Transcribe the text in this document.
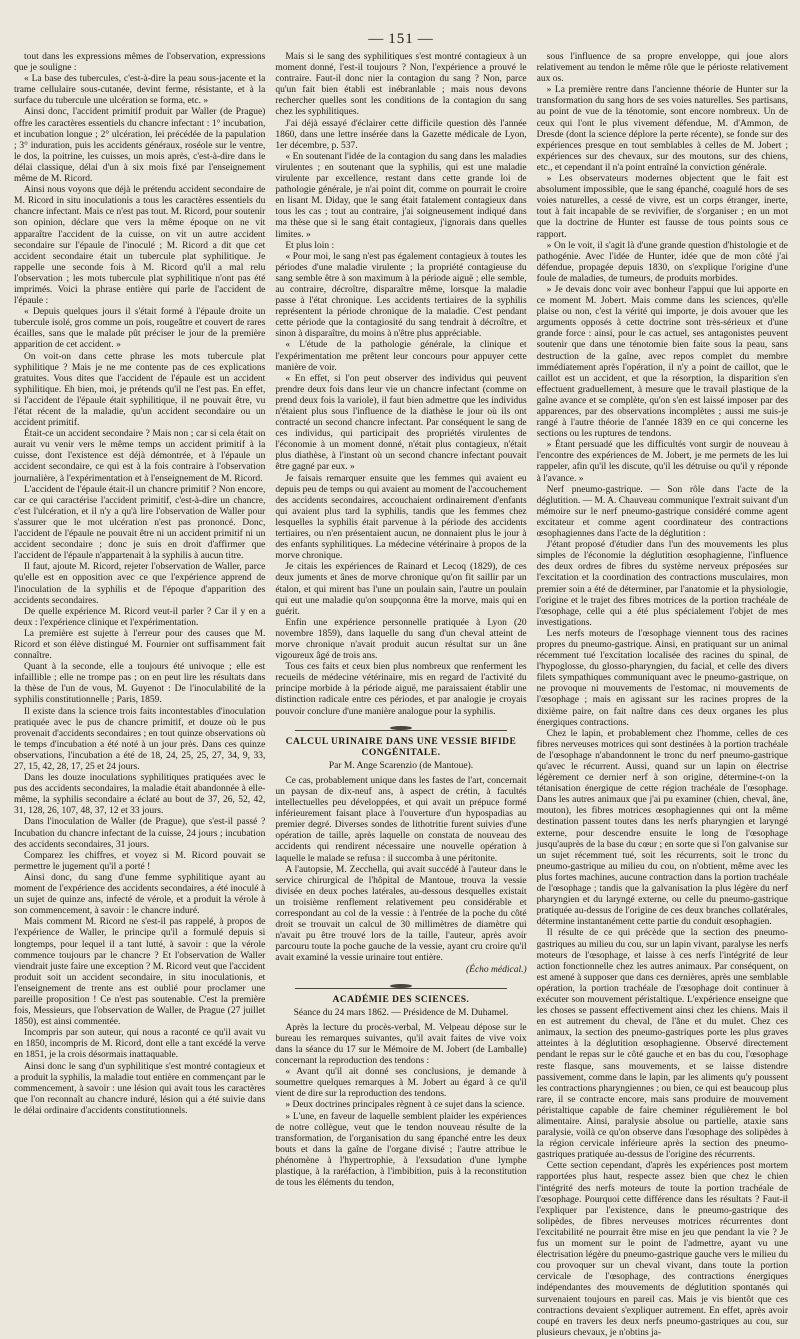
— 151 —

tout dans les expressions mêmes de l'observation, expressions que je souligne :

« La base des tubercules, c'est-à-dire la peau sous-jacente et la trame cellulaire sous-cutanée, devint ferme, résistante, et à la surface du tubercule une ulcération se forma, etc. »

Ainsi donc, l'accident primitif produit par Waller (de Prague) offre les caractères essentiels du chancre infectant : 1° incubation, et incubation longue ; 2° ulcération, lei précédée de la papulation ; 3° induration, puis les accidents généraux, roséole sur le ventre, le dos, la poitrine, les cuisses, un mois après, c'est-à-dire dans le délai classique, délai d'un à six mois fixé par l'enseignement même de M. Ricord.

Ainsi nous voyons que déjà le prétendu accident secondaire de M. Ricord in situ inoculationis a tous les caractères essentiels du chancre infectant. Mais ce n'est pas tout. M. Ricord, pour soutenir son opinion, déclare que vers la même époque on ne vit apparaître l'accident de la cuisse, on vit un autre accident secondaire sur l'épaule de l'inoculé ; M. Ricord a dit que cet accident secondaire était un tubercule plat syphilitique. Je rappelle une seconde fois à M. Ricord qu'il a mal relu l'observation ; les mots tubercule plat syphilitique n'ont pas été imprimés. Voici la phrase entière qui parle de l'accident de l'épaule :

« Depuis quelques jours il s'était formé à l'épaule droite un tubercule isolé, gros comme un pois, rougeâtre et couvert de rares écailles, sans que le malade pût préciser le jour de la première apparition de cet accident. »

On voit-on dans cette phrase les mots tubercule plat syphilitique ? Mais je ne me contente pas de ces explications gratuites. Vous dites que l'accident de l'épaule est un accident syphilitique. Eh bien, moi, je prétends qu'il ne l'est pas. En effet, si l'accident de l'épaule était syphilitique, il ne pouvait être, vu l'état récent de la maladie, qu'un accident secondaire ou un accident primitif.

Était-ce un accident secondaire ? Mais non ; car si cela était on aurait vu venir vers le même temps un accident primitif à la cuisse, dont l'existence est déjà démontrée, et à l'épaule un accident secondaire, ce qui est à la fois contraire à l'observation journalière, à l'expérimentation et à l'enseignement de M. Ricord.

L'accident de l'épaule était-il un chancre primitif ? Non encore, car ce qui caractérise l'accident primitif, c'est-à-dire un chancre, c'est l'ulcération, et il n'y a qu'à lire l'observation de Waller pour s'assurer que le mot ulcération n'est pas prononcé. Donc, l'accident de l'épaule ne pouvait être ni un accident primitif ni un accident secondaire ; donc je suis en droit d'affirmer que l'accident de l'épaule n'appartenait à la syphilis à aucun titre.

Il faut, ajoute M. Ricord, rejeter l'observation de Waller, parce qu'elle est en opposition avec ce que l'expérience apprend de l'inoculation de la syphilis et de l'époque d'apparition des accidents secondaires.

De quelle expérience M. Ricord veut-il parler ? Car il y en a deux : l'expérience clinique et l'expérimentation.

La première est sujette à l'erreur pour des causes que M. Ricord et son élève distingué M. Fournier ont suffisamment fait connaître.

Quant à la seconde, elle a toujours été univoque ; elle est infaillible ; elle ne trompe pas ; on en peut lire les résultats dans la thèse de l'un de vous, M. Guyenot : De l'inoculabilité de la syphilis constitutionnelle ; Paris, 1859.

Il existe dans la science trois faits incontestables d'inoculation pratiquée avec le pus de chancre primitif, et douze où le pus provenait d'accidents secondaires ; en tout quinze observations où le temps d'incubation a été noté à un jour près. Dans ces quinze observations, l'incubation a été de 18, 24, 25, 25, 27, 34, 9, 33, 27, 15, 42, 28, 17, 25 et 24 jours.

Dans les douze inoculations syphilitiques pratiquées avec le pus des accidents secondaires, la maladie était abandonnée à elle-même, la syphilis secondaire a éclaté au bout de 37, 26, 52, 42, 31, 128, 26, 107, 48, 37, 12 et 33 jours.

Dans l'inoculation de Waller (de Prague), que s'est-il passé ? Incubation du chancre infectant de la cuisse, 24 jours ; incubation des accidents secondaires, 31 jours.

Comparez les chiffres, et voyez si M. Ricord pouvait se permettre le jugement qu'il a porté !

Ainsi donc, du sang d'une femme syphilitique ayant au moment de l'expérience des accidents secondaires, a été inoculé à un sujet de quinze ans, infecté de vérole, et a produit la vérole à son commencement, à savoir : le chancre induré.

Mais comment M. Ricord ne s'est-il pas rappelé, à propos de l'expérience de Waller, le principe qu'il a formulé depuis si longtemps, pour lequel il a tant lutté, à savoir : que la vérole commence toujours par le chancre ? Et l'observation de Waller viendrait juste faire une exception ? M. Ricord veut que l'accident produit soit un accident secondaire, in situ inoculationis, et l'enseignement de trente ans est oublié pour proclamer une pareille proposition ! Ce n'est pas soutenable. C'est la première fois, Messieurs, que l'observation de Waller, de Prague (27 juillet 1850), est ainsi commentée.

Incompris par son auteur, qui nous a raconté ce qu'il avait vu en 1850, incompris de M. Ricord, dont elle a tant excédé la verve en 1851, je la crois désormais inattaquable.

Ainsi donc le sang d'un syphilitique s'est montré contagieux et a produit la syphilis, la maladie tout entière en commençant par le commencement, à savoir : une lésion qui avait tous les caractères que l'on reconnaît au chancre induré, lésion qui a été suivie dans le délai ordinaire d'accidents constitutionnels.

Mais si le sang des syphilitiques s'est montré contagieux à un moment donné, l'est-il toujours ? Non, l'expérience a prouvé le contraire. Faut-il donc nier la contagion du sang ? Non, parce qu'un fait bien établi est inébranlable ; mais nous devons rechercher quelles sont les conditions de la contagion du sang chez les syphilitiques.

J'ai déjà essayé d'éclairer cette difficile question dès l'année 1860, dans une lettre insérée dans la Gazette médicale de Lyon, 1er décembre, p. 537.

« En soutenant l'idée de la contagion du sang dans les maladies virulentes ; en soutenant que la syphilis, qui est une maladie virulente par excellence, restant dans cette grande loi de pathologie générale, je n'ai point dit, comme on pourrait le croire en lisant M. Diday, que le sang était fatalement contagieux dans tous les cas ; tout au contraire, j'ai soigneusement indiqué dans ma thèse que si le sang était contagieux, j'ignorais dans quelles limites. »

Et plus loin :

« Pour moi, le sang n'est pas également contagieux à toutes les périodes d'une maladie virulente ; la propriété contagieuse du sang semble être à son maximum à la période aiguë ; elle semble, au contraire, décroître, disparaître même, lorsque la maladie passe à l'état chronique. Les accidents tertiaires de la syphilis représentent la période chronique de la maladie. C'est pendant cette période que la contagiosité du sang tendrait à décroître, et sinon à disparaître, du moins à n'être plus appréciable.

« L'étude de la pathologie générale, la clinique et l'expérimentation me prêtent leur concours pour appuyer cette manière de voir.

« En effet, si l'on peut observer des individus qui peuvent prendre deux fois dans leur vie un chancre infectant (comme on prend deux fois la variole), il faut bien admettre que les individus n'étaient plus sous l'influence de la diathèse le jour où ils ont contracté un second chancre infectant. Par conséquent le sang de ces individus, qui participait des propriétés virulentes de l'économie à un moment donné, n'était plus contagieux, n'était plus diathèse, à l'instant où un second chancre infectant pouvait être gagné par eux. »

Je faisais remarquer ensuite que les femmes qui avaient eu depuis peu de temps ou qui avaient au moment de l'accouchement des accidents secondaires, accouchaient ordinairement d'enfants qui avaient plus tard la syphilis, tandis que les femmes chez lesquelles la syphilis était parvenue à la période des accidents tertiaires, ou n'en présentaient aucun, ne donnaient plus le jour à des enfants syphilitiques. La médecine vétérinaire à propos de la morve chronique.

Je citais les expériences de Rainard et Lecoq (1829), de ces deux juments et ânes de morve chronique qu'on fit saillir par un étalon, et qui mirent bas l'une un poulain sain, l'autre un poulain qui eut une maladie qu'on soupçonna être la morve, mais qui en guérit.

Enfin une expérience personnelle pratiquée à Lyon (20 novembre 1859), dans laquelle du sang d'un cheval atteint de morve chronique n'avait produit aucun résultat sur un âne vigoureux âgé de trois ans.

Tous ces faits et ceux bien plus nombreux que renferment les recueils de médecine vétérinaire, mis en regard de l'activité du principe morbide à la période aiguë, me paraissaient établir une distinction radicale entre ces périodes, et par analogie je croyais pouvoir conclure d'une manière analogue pour la syphilis.

CALCUL URINAIRE DANS UNE VESSIE BIFIDE CONGÉNITALE.
Par M. Ange Scarenzio (de Mantoue).

Ce cas, probablement unique dans les fastes de l'art, concernait un paysan de dix-neuf ans, à aspect de crétin, à facultés intellectuelles peu développées, et qui avait un prépuce formé inférieurement faisant place à l'ouverture d'un hypospadias au premier degré. Diverses sondes de lithotritie furent suivies d'une opération de taille, après laquelle on constata de nouveau des accidents qui rendirent nécessaire une nouvelle opération à laquelle le malade se refusa : il succomba à une péritonite.

A l'autopsie, M. Zecchella, qui avait succédé à l'auteur dans le service chirurgical de l'hôpital de Mantoue, trouva la vessie divisée en deux poches latérales, au-dessous desquelles existait un troisième renflement relativement peu considérable et correspondant au col de la vessie : à l'entrée de la poche du côté droit se trouvait un calcul de 30 millimètres de diamètre qui n'avait pu être trouvé lors de la taille, l'auteur, après avoir parcouru toute la poche gauche de la vessie, ayant cru croire qu'il avait examiné la vessie urinaire tout entière.

(Écho médical.)
ACADÉMIE DES SCIENCES.
Séance du 24 mars 1862. — Présidence de M. Duhamel.

Après la lecture du procès-verbal, M. Velpeau dépose sur le bureau les remarques suivantes, qu'il avait faites de vive voix dans la séance du 17 sur le Mémoire de M. Jobert (de Lamballe) concernant la reproduction des tendons :

« Avant qu'il ait donné ses conclusions, je demande à soumettre quelques remarques à M. Jobert au égard à ce qu'il vient de dire sur la reproduction des tendons.

» Deux doctrines principales règnent à ce sujet dans la science.

» L'une, en faveur de laquelle semblent plaider les expériences de notre collègue, veut que le tendon nouveau résulte de la transformation, de l'organisation du sang épanché entre les deux bouts et dans la gaîne de l'organe divisé ; l'autre attribue le phénomène à l'hypertrophie, à l'exsudation d'une lymphe plastique, à la raréfaction, à l'imbibition, puis à la reconstitution de tous les éléments du tendon,

sous l'influence de sa propre enveloppe, qui joue alors relativement au tendon le même rôle que le périoste relativement aux os.

» La première rentre dans l'ancienne théorie de Hunter sur la transformation du sang hors de ses voies naturelles. Ses partisans, au point de vue de la ténotomie, sont encore nombreux. Un de ceux qui l'ont le plus vivement défendue, M. d'Ammon, de Dresde (dont la science déplore la perte récente), se fonde sur des expériences presque en tout semblables à celles de M. Jobert ; expériences sur des chevaux, sur des moutons, sur des chiens, etc., et cependant il n'a point entraîné la conviction générale.

» Les observateurs modernes objectent que le fait est absolument impossible, que le sang épanché, coagulé hors de ses voies naturelles, a cessé de vivre, est un corps étranger, inerte, tout à fait incapable de se revivifier, de s'organiser ; en un mot que la doctrine de Hunter est fausse de tous points sous ce rapport.

» On le voit, il s'agit là d'une grande question d'histologie et de pathogénie. Avec l'idée de Hunter, idée que de mon côté j'ai défendue, propagée depuis 1830, on s'explique l'origine d'une foule de maladies, de tumeurs, de produits morbides.

» Je devais donc voir avec bonheur l'appui que lui apporte en ce moment M. Jobert. Mais comme dans les sciences, qu'elle plaise ou non, c'est la vérité qui importe, je dois avouer que les arguments opposés à cette doctrine sont très-sérieux et d'une grande force : ainsi, pour le cas actuel, ses antagonistes peuvent soutenir que dans une ténotomie bien faite sous la peau, sans destruction de la gaîne, avec repos complet du membre immédiatement après l'opération, il n'y a point de caillot, que le caillot est un accident, et que la résorption, la disparition s'en effectuent graduellement, à mesure que le travail plastique de la gaîne avance et se complète, qu'on s'en est laissé imposer par des apparences, par des observations incomplètes ; aussi me suis-je rangé à l'autre théorie de l'année 1839 en ce qui concerne les sections ou les ruptures de tendons.

» Étant persuadé que les difficultés vont surgir de nouveau à l'encontre des expériences de M. Jobert, je me permets de les lui rappeler, afin qu'il les discute, qu'il les détruise ou qu'il y réponde à l'avance. »

Nerf pneumo-gastrique. — Son rôle dans l'acte de la déglutition. — M. A. Chauveau communique l'extrait suivant d'un mémoire sur le nerf pneumo-gastrique considéré comme agent excitateur et comme agent coordinateur des contractions œsophagiennes dans l'acte de la déglutition :

J'étant proposé d'étudier dans l'un des mouvements les plus simples de l'économie la déglutition œsophagienne, l'influence des deux ordres de fibres du système nerveux préposées sur l'excitation et la coordination des contractions musculaires, mon premier soin a été de déterminer, par l'anatomie et la physiologie, l'origine et le trajet des fibres motrices de la portion trachéale de l'œsophage, celle qui a été plus spécialement l'objet de mes investigations.

Les nerfs moteurs de l'œsophage viennent tous des racines propres du pneumo-gastrique. Ainsi, en pratiquant sur un animal récemment tué l'excitation localisée des racines du spinal, de l'hypoglosse, du glosso-pharyngien, du facial, et celle des divers filets sympathiques communiquant avec le pneumo-gastrique, on ne provoque ni mouvements de l'estomac, ni mouvements de l'œsophage ; mais en agissant sur les racines propres de la dixième paire, on fait naître dans ces deux organes les plus énergiques contractions.

Chez le lapin, et probablement chez l'homme, celles de ces fibres nerveuses motrices qui sont destinées à la portion trachéale de l'œsophage n'abandonnent le tronc du nerf pneumo-gastrique qu'avec le récurrent. Aussi, quand sur un lapin on électrise légèrement ce dernier nerf à son origine, détermine-t-on la tétanisation énergique de cette région trachéale de l'œsophage. Dans les autres animaux que j'ai pu examiner (chien, cheval, âne, mouton), les fibres motrices œsophagiennes qui ont la même destination passent toutes dans les nerfs pharyngien et laryngé externe, pour descendre ensuite le long de l'œsophage jusqu'auprès de la base du cœur ; en sorte que si l'on galvanise sur un sujet récemment tué, soit les récurrents, soit le tronc du pneumo-gastrique au milieu du cou, on n'obtient, même avec les plus fortes machines, aucune contraction dans la portion trachéale de l'œsophage ; tandis que la galvanisation la plus légère du nerf pharyngien et du laryngé externe, ou celle du pneumo-gastrique pratiquée au-dessus de l'origine de ces deux branches collatérales, détermine instantanément cette partie du conduit œsophagien.

Il résulte de ce qui précède que la section des pneumo-gastriques au milieu du cou, sur un lapin vivant, paralyse les nerfs moteurs de l'œsophage, et laisse à ces nerfs l'intégrité de leur action fonctionnelle chez les autres animaux. Par conséquent, on est amené à supposer que dans ces dernières, après une semblable opération, la portion trachéale de l'œsophage doit continuer à exécuter son mouvement péristaltique. L'expérience enseigne que les choses se passent effectivement ainsi chez les chiens. Mais il en est autrement du cheval, de l'âne et du mulet. Chez ces animaux, la section des pneumo-gastriques porte les plus graves atteintes à la déglutition œsophagienne. Observé directement pendant le repas sur le côté gauche et en bas du cou, l'œsophage reste flasque, sans mouvements, et se laisse distendre passivement, comme dans le lapin, par les aliments qu'y poussent les contractions pharyngiennes ; ou bien, ce qui est beaucoup plus rare, il se contracte encore, mais sans produire de mouvement péristaltique capable de faire cheminer régulièrement le bol alimentaire. Ainsi, paralysie absolue ou partielle, ataxie sans paralysie, voilà ce qu'on observe dans l'œsophage des solipèdes à la région cervicale inférieure après la section des pneumo-gastriques pratiquée au-dessus de l'origine des récurrents.

Cette section cependant, d'après les expériences post mortem rapportées plus haut, respecte assez bien que chez le chien l'intégrité des nerfs moteurs de toute la portion trachéale de l'œsophage. Pourquoi cette différence dans les résultats ? Faut-il l'expliquer par l'existence, dans le pneumo-gastrique des solipèdes, de fibres nerveuses motrices récurrentes dont l'excitabilité ne pourrait être mise en jeu que pendant la vie ? Je fus un moment sur le point de l'admettre, ayant vu une électrisation légère du pneumo-gastrique gauche vers le milieu du cou provoquer sur un cheval vivant, dans toute la portion cervicale de l'œsophage, des contractions énergiques indépendantes des mouvements de déglutition spontanés qui survenaient toujours en pareil cas. Mais je vis bientôt que ces contractions devaient s'expliquer autrement. En effet, après avoir coupé en travers les deux nerfs pneumo-gastriques au cou, sur plusieurs chevaux, je n'obtins ja-
